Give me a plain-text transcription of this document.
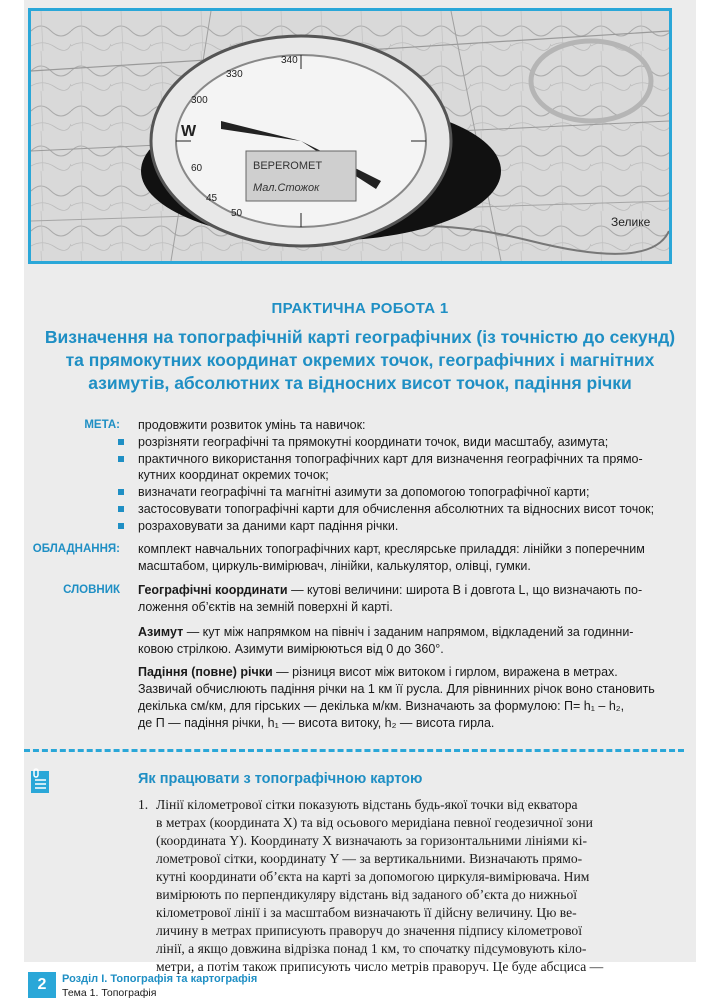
BEPEROMET
Мал.Стожок
340
330
300
W
60
45
50
Зелике
ПРАКТИЧНА РОБОТА 1
Визначення на топографічній карті географічних (із точністю до секунд)
та прямокутних координат окремих точок, географічних і магнітних
азимутів, абсолютних та відносних висот точок, падіння річки
МЕТА: продовжити розвиток умінь та навичок:
розрізняти географічні та прямокутні координати точок, види масштабу, азимута;
практичного використання топографічних карт для визначення географічних та прямо-
кутних координат окремих точок;
визначати географічні та магнітні азимути за допомогою топографічної карти;
застосовувати топографічні карти для обчислення абсолютних та відносних висот точок;
розраховувати за даними карт падіння річки.
ОБЛАДНАННЯ: комплект навчальних топографічних карт, креслярське приладдя: лінійки з поперечним
масштабом, циркуль-вимірювач, лінійки, калькулятор, олівці, гумки.
СЛОВНИК Географічні координати — кутові величини: широта В і довгота L, що визначають по-
ложення об’єктів на земній поверхні й карті.
Азимут — кут між напрямком на північ і заданим напрямом, відкладений за годинни-
ковою стрілкою. Азимути вимірюються від 0 до 360°.
Падіння (повне) річки — різниця висот між витоком і гирлом, виражена в метрах.
Зазвичай обчислюють падіння річки на 1 км її русла. Для рівнинних річок воно становить
декілька см/км, для гірських — декілька м/км. Визначають за формулою: П= h₁ – h₂,
де П — падіння річки, h₁ — висота витоку, h₂ — висота гирла.
Як працювати з топографічною картою
1. Лінії кілометрової сітки показують відстань будь-якої точки від екватора
в метрах (координата X) та від осьового меридіана певної геодезичної зони
(координата Y). Координату X визначають за горизонтальними лініями кі-
лометрової сітки, координату Y — за вертикальними. Визначають прямо-
кутні координати об’єкта на карті за допомогою циркуля-вимірювача. Ним
вимірюють по перпендикуляру відстань від заданого об’єкта до нижньої
кілометрової лінії і за масштабом визначають її дійсну величину. Цю ве-
личину в метрах приписують праворуч до значення підпису кілометрової
лінії, а якщо довжина відрізка понад 1 км, то спочатку підсумовують кіло-
метри, а потім також приписують число метрів праворуч. Це буде абсциса —
2	Розділ І. Топографія та картографія
Тема 1. Топографія
